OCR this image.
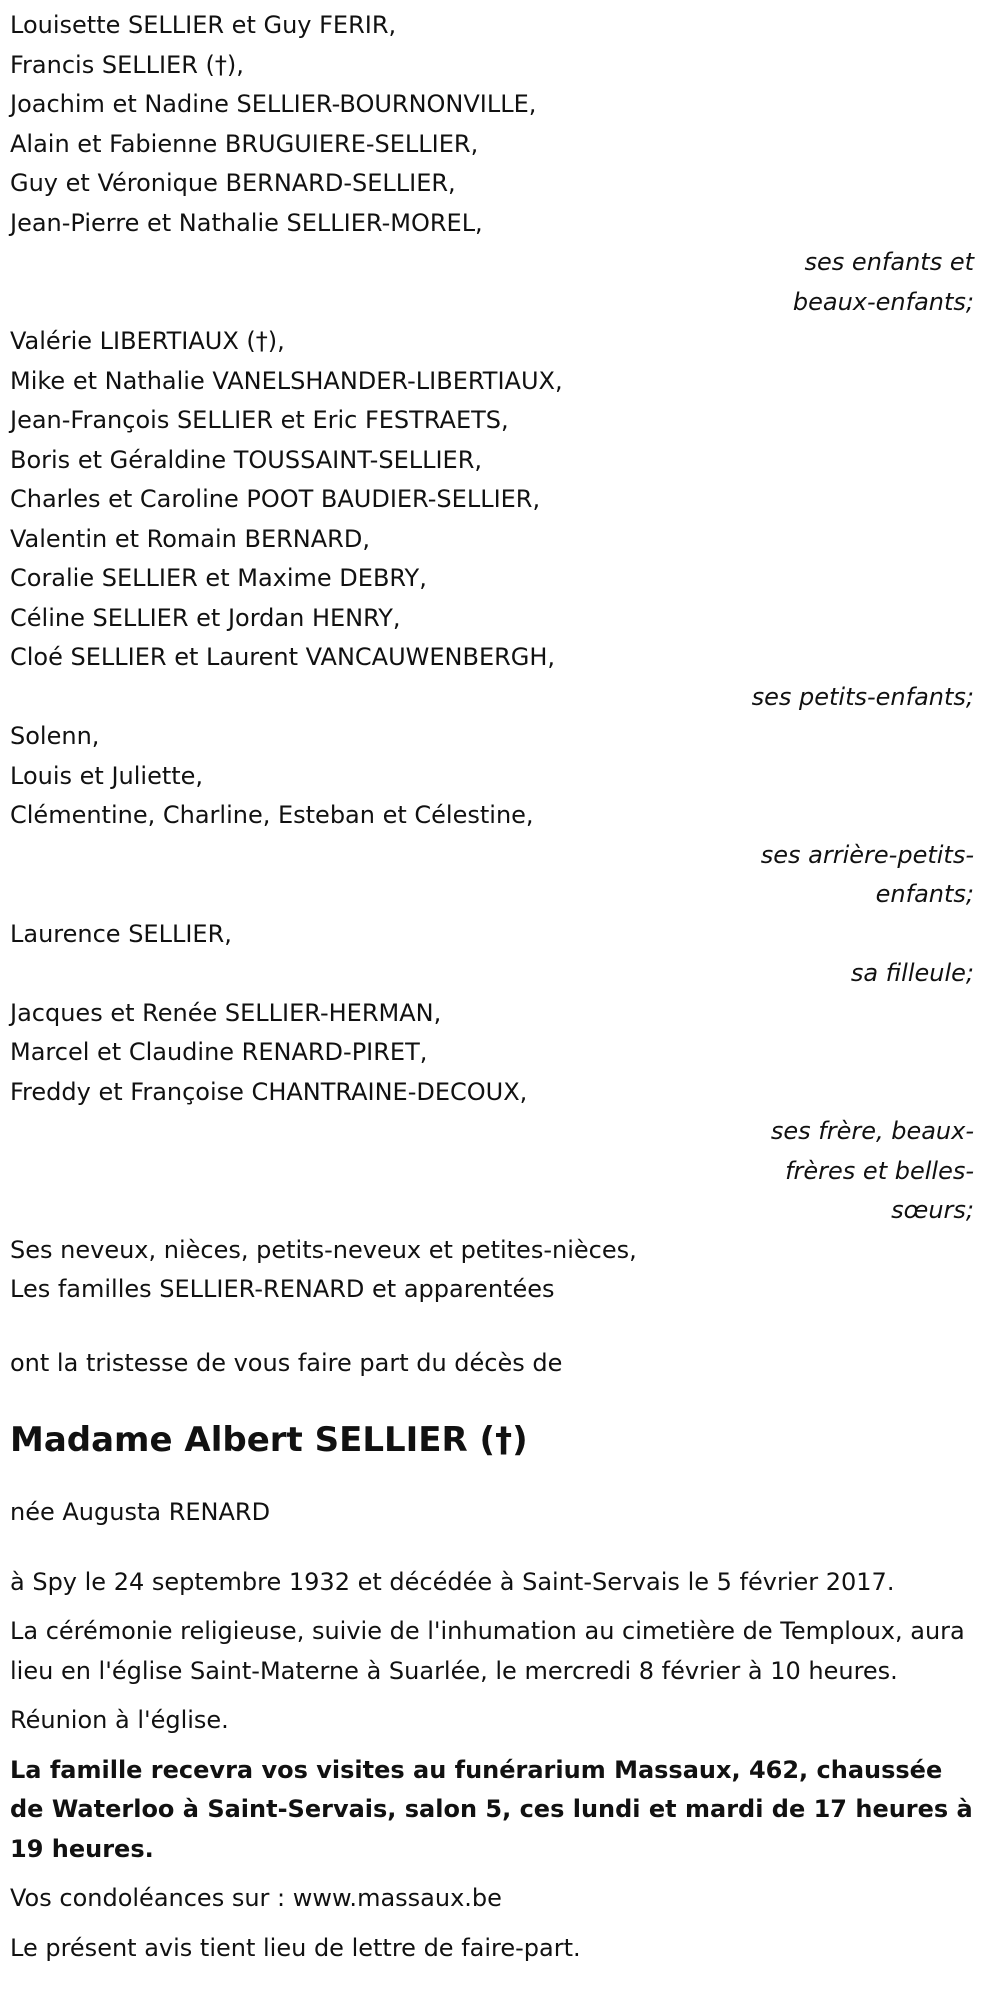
Louisette SELLIER et Guy FERIR,
Francis SELLIER (†),
Joachim et Nadine SELLIER-BOURNONVILLE,
Alain et Fabienne BRUGUIERE-SELLIER,
Guy et Véronique BERNARD-SELLIER,
Jean-Pierre et Nathalie SELLIER-MOREL,
ses enfants et
beaux-enfants;
Valérie LIBERTIAUX (†),
Mike et Nathalie VANELSHANDER-LIBERTIAUX,
Jean-François SELLIER et Eric FESTRAETS,
Boris et Géraldine TOUSSAINT-SELLIER,
Charles et Caroline POOT BAUDIER-SELLIER,
Valentin et Romain BERNARD,
Coralie SELLIER et Maxime DEBRY,
Céline SELLIER et Jordan HENRY,
Cloé SELLIER et Laurent VANCAUWENBERGH,
ses petits-enfants;
Solenn,
Louis et Juliette,
Clémentine, Charline, Esteban et Célestine,
ses arrière-petits-
enfants;
Laurence SELLIER,
sa filleule;
Jacques et Renée SELLIER-HERMAN,
Marcel et Claudine RENARD-PIRET,
Freddy et Françoise CHANTRAINE-DECOUX,
ses frère, beaux-
frères et belles-
sœurs;
Ses neveux, nièces, petits-neveux et petites-nièces,
Les familles SELLIER-RENARD et apparentées
ont la tristesse de vous faire part du décès de
Madame Albert SELLIER (†)
née Augusta RENARD
à Spy le 24 septembre 1932 et décédée à Saint-Servais le 5 février 2017.
La cérémonie religieuse, suivie de l'inhumation au cimetière de Temploux, aura lieu en l'église Saint-Materne à Suarlée, le mercredi 8 février à 10 heures.
Réunion à l'église.
La famille recevra vos visites au funérarium Massaux, 462, chaussée de Waterloo à Saint-Servais, salon 5, ces lundi et mardi de 17 heures à 19 heures.
Vos condoléances sur : www.massaux.be
Le présent avis tient lieu de lettre de faire-part.
